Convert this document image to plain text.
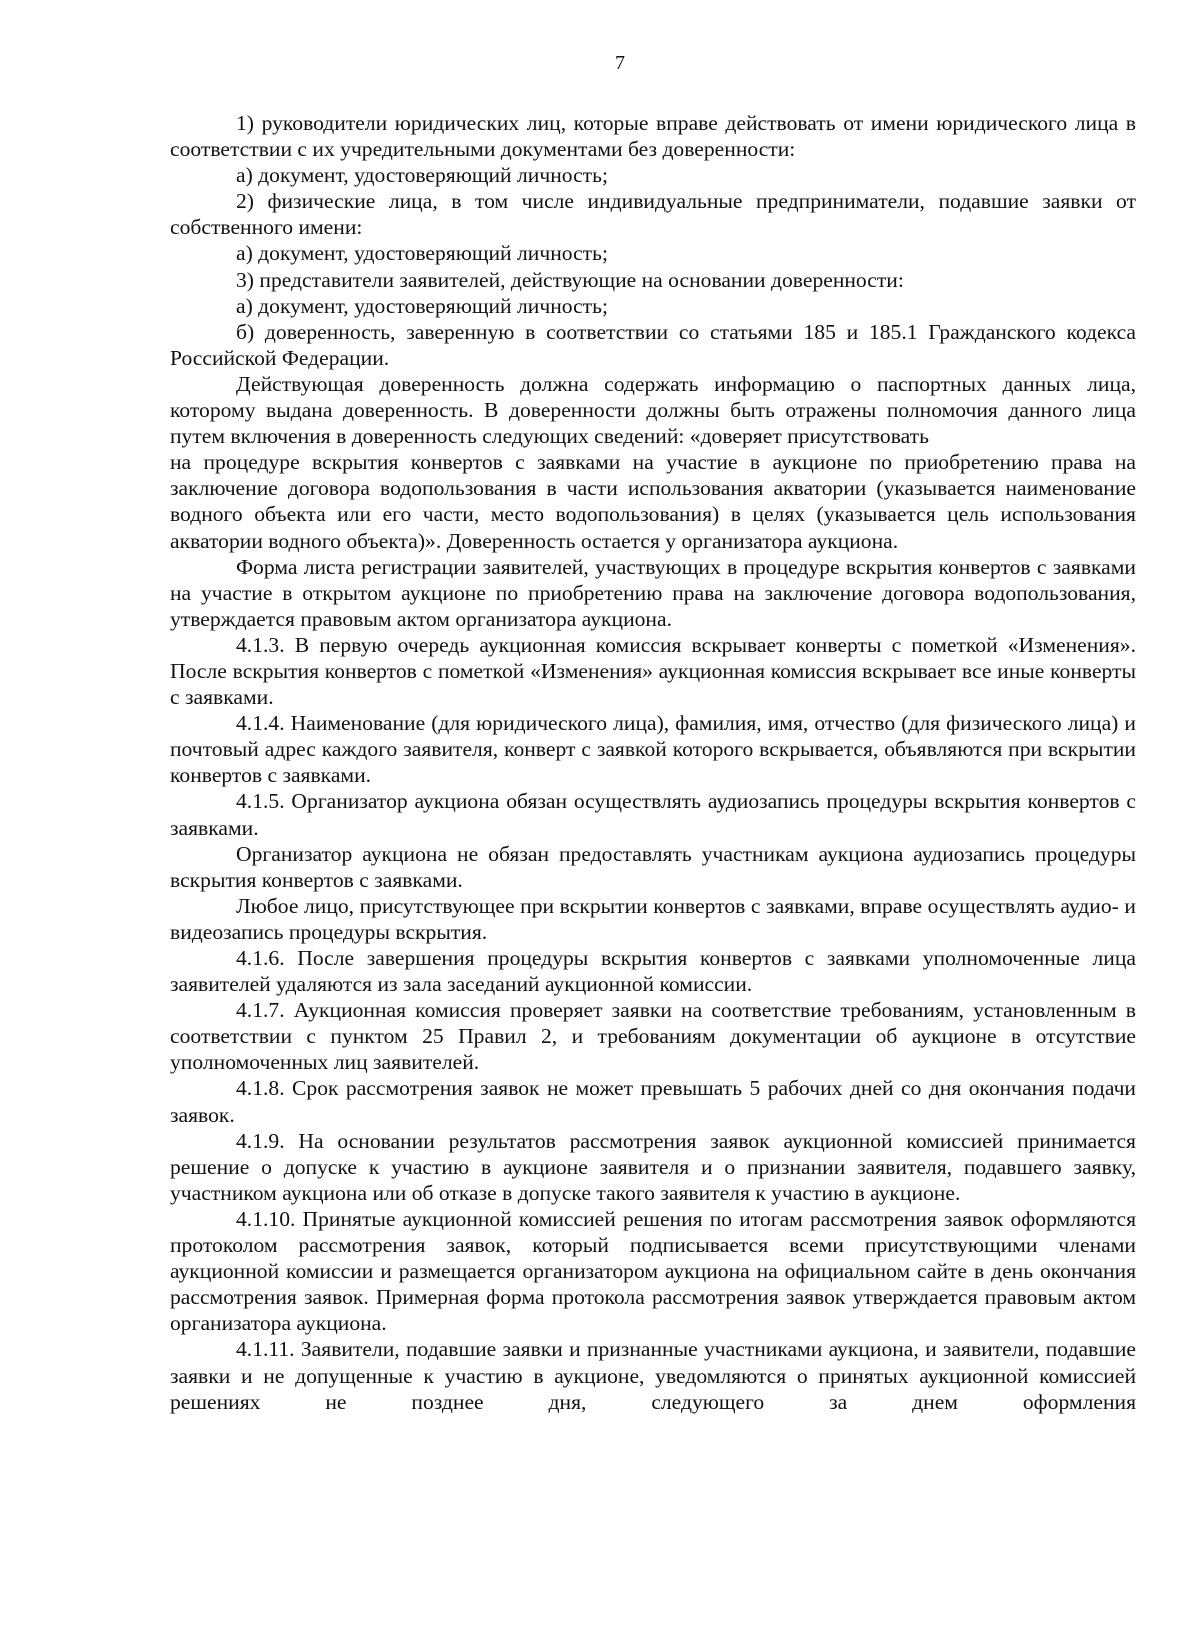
7

1) руководители юридических лиц, которые вправе действовать от имени юридического лица в соответствии с их учредительными документами без доверенности:

а) документ, удостоверяющий личность;

2) физические лица, в том числе индивидуальные предприниматели, подавшие заявки от собственного имени:

а) документ, удостоверяющий личность;

3) представители заявителей, действующие на основании доверенности:

а) документ, удостоверяющий личность;

б) доверенность, заверенную в соответствии со статьями 185 и 185.1 Гражданского кодекса Российской Федерации.

Действующая доверенность должна содержать информацию о паспортных данных лица, которому выдана доверенность. В доверенности должны быть отражены полномочия данного лица путем включения в доверенность следующих сведений: «доверяет присутствовать

на процедуре вскрытия конвертов с заявками на участие в аукционе по приобретению права на заключение договора водопользования в части использования акватории (указывается наименование водного объекта или его части, место водопользования) в целях (указывается цель использования акватории водного объекта)». Доверенность остается у организатора аукциона.

Форма листа регистрации заявителей, участвующих в процедуре вскрытия конвертов с заявками на участие в открытом аукционе по приобретению права на заключение договора водопользования, утверждается правовым актом организатора аукциона.

4.1.3. В первую очередь аукционная комиссия вскрывает конверты с пометкой «Изменения». После вскрытия конвертов с пометкой «Изменения» аукционная комиссия вскрывает все иные конверты с заявками.

4.1.4. Наименование (для юридического лица), фамилия, имя, отчество (для физического лица) и почтовый адрес каждого заявителя, конверт с заявкой которого вскрывается, объявляются при вскрытии конвертов с заявками.

4.1.5. Организатор аукциона обязан осуществлять аудиозапись процедуры вскрытия конвертов с заявками.

Организатор аукциона не обязан предоставлять участникам аукциона аудиозапись процедуры вскрытия конвертов с заявками.

Любое лицо, присутствующее при вскрытии конвертов с заявками, вправе осуществлять аудио- и видеозапись процедуры вскрытия.

4.1.6. После завершения процедуры вскрытия конвертов с заявками уполномоченные лица заявителей удаляются из зала заседаний аукционной комиссии.

4.1.7. Аукционная комиссия проверяет заявки на соответствие требованиям, установленным в соответствии с пунктом 25 Правил 2, и требованиям документации об аукционе в отсутствие уполномоченных лиц заявителей.

4.1.8. Срок рассмотрения заявок не может превышать 5 рабочих дней со дня окончания подачи заявок.

4.1.9. На основании результатов рассмотрения заявок аукционной комиссией принимается решение о допуске к участию в аукционе заявителя и о признании заявителя, подавшего заявку, участником аукциона или об отказе в допуске такого заявителя к участию в аукционе.

4.1.10. Принятые аукционной комиссией решения по итогам рассмотрения заявок оформляются протоколом рассмотрения заявок, который подписывается всеми присутствующими членами аукционной комиссии и размещается организатором аукциона на официальном сайте в день окончания рассмотрения заявок. Примерная форма протокола рассмотрения заявок утверждается правовым актом организатора аукциона.

4.1.11. Заявители, подавшие заявки и признанные участниками аукциона, и заявители, подавшие заявки и не допущенные к участию в аукционе, уведомляются о принятых аукционной комиссией решениях не позднее дня, следующего за днем оформления
